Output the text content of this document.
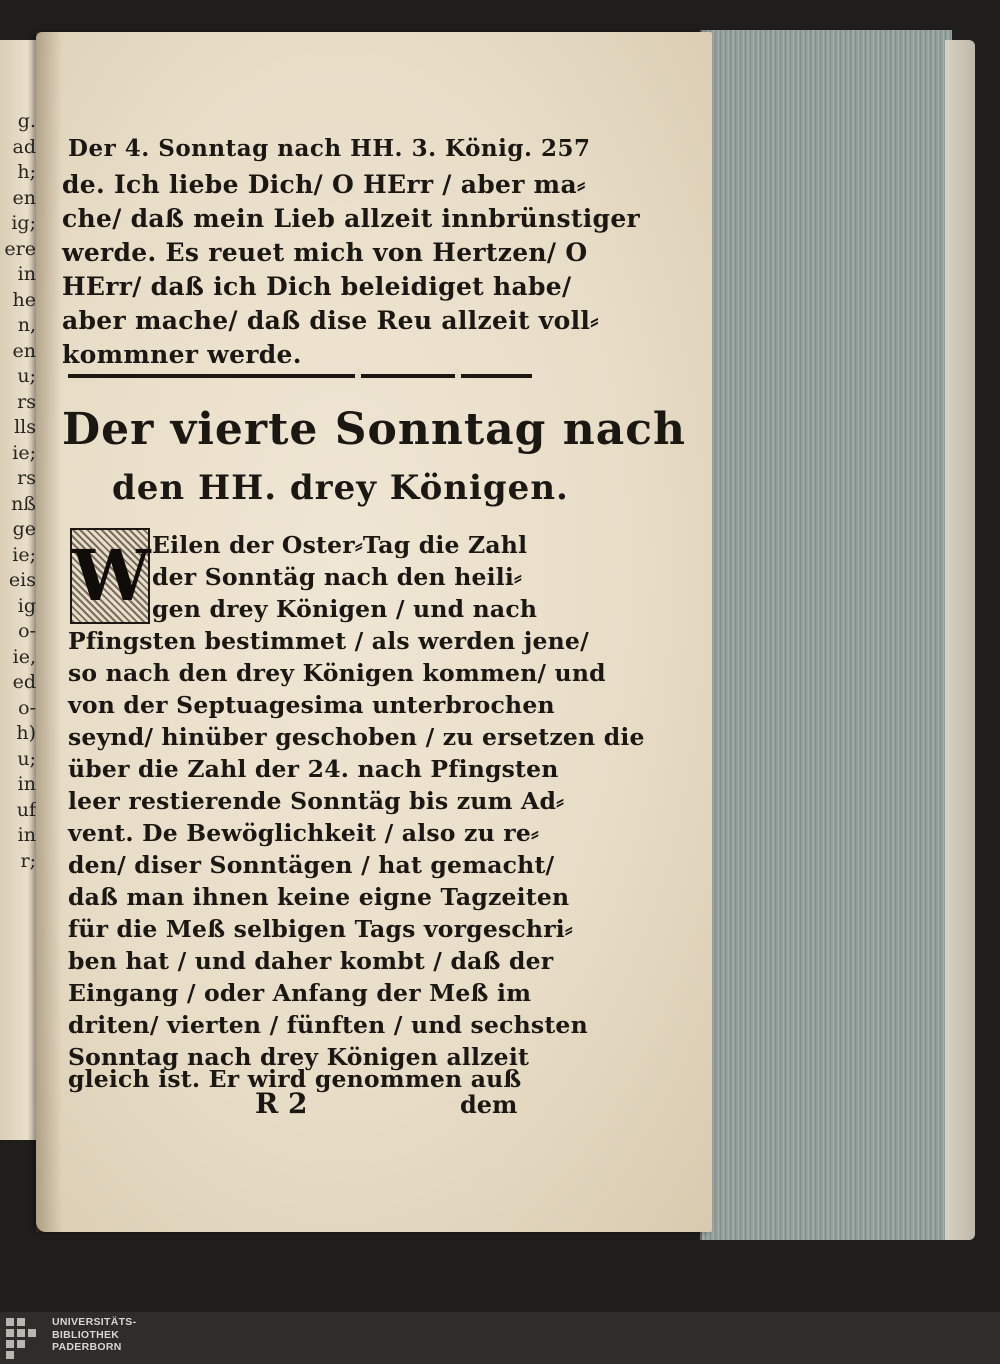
g.
ad
h;
en
ig;
ere
in
he
n,
en
u;
rs
lls
ie;
rs
nß
ge
ie;
eis
ig
o-
ie,
ed
o-
h)
u;
in
uf
in
r;
Der 4. Sonntag nach HH. 3. König. 257
de. Ich liebe Dich/ O HErr / aber ma⸗
che/ daß mein Lieb allzeit innbrünstiger
werde. Es reuet mich von Hertzen/ O
HErr/ daß ich Dich beleidiget habe/
aber mache/ daß dise Reu allzeit voll⸗
kommner werde.
Der vierte Sonntag nach
den HH. drey Königen.
W Eilen der Oster⸗Tag die Zahl
der Sonntäg nach den heili⸗
gen drey Königen / und nach
Pfingsten bestimmet / als werden jene/
so nach den drey Königen kommen/ und
von der Septuagesima unterbrochen
seynd/ hinüber geschoben / zu ersetzen die
über die Zahl der 24. nach Pfingsten
leer restierende Sonntäg bis zum Ad⸗
vent. De Bewöglichkeit / also zu re⸗
den/ diser Sonntägen / hat gemacht/
daß man ihnen keine eigne Tagzeiten
für die Meß selbigen Tags vorgeschri⸗
ben hat / und daher kombt / daß der
Eingang / oder Anfang der Meß im
driten/ vierten / fünften / und sechsten
Sonntag nach drey Königen allzeit
gleich ist. Er wird genommen auß
R 2	dem
UNIVERSITÄTS-
BIBLIOTHEK
PADERBORN
